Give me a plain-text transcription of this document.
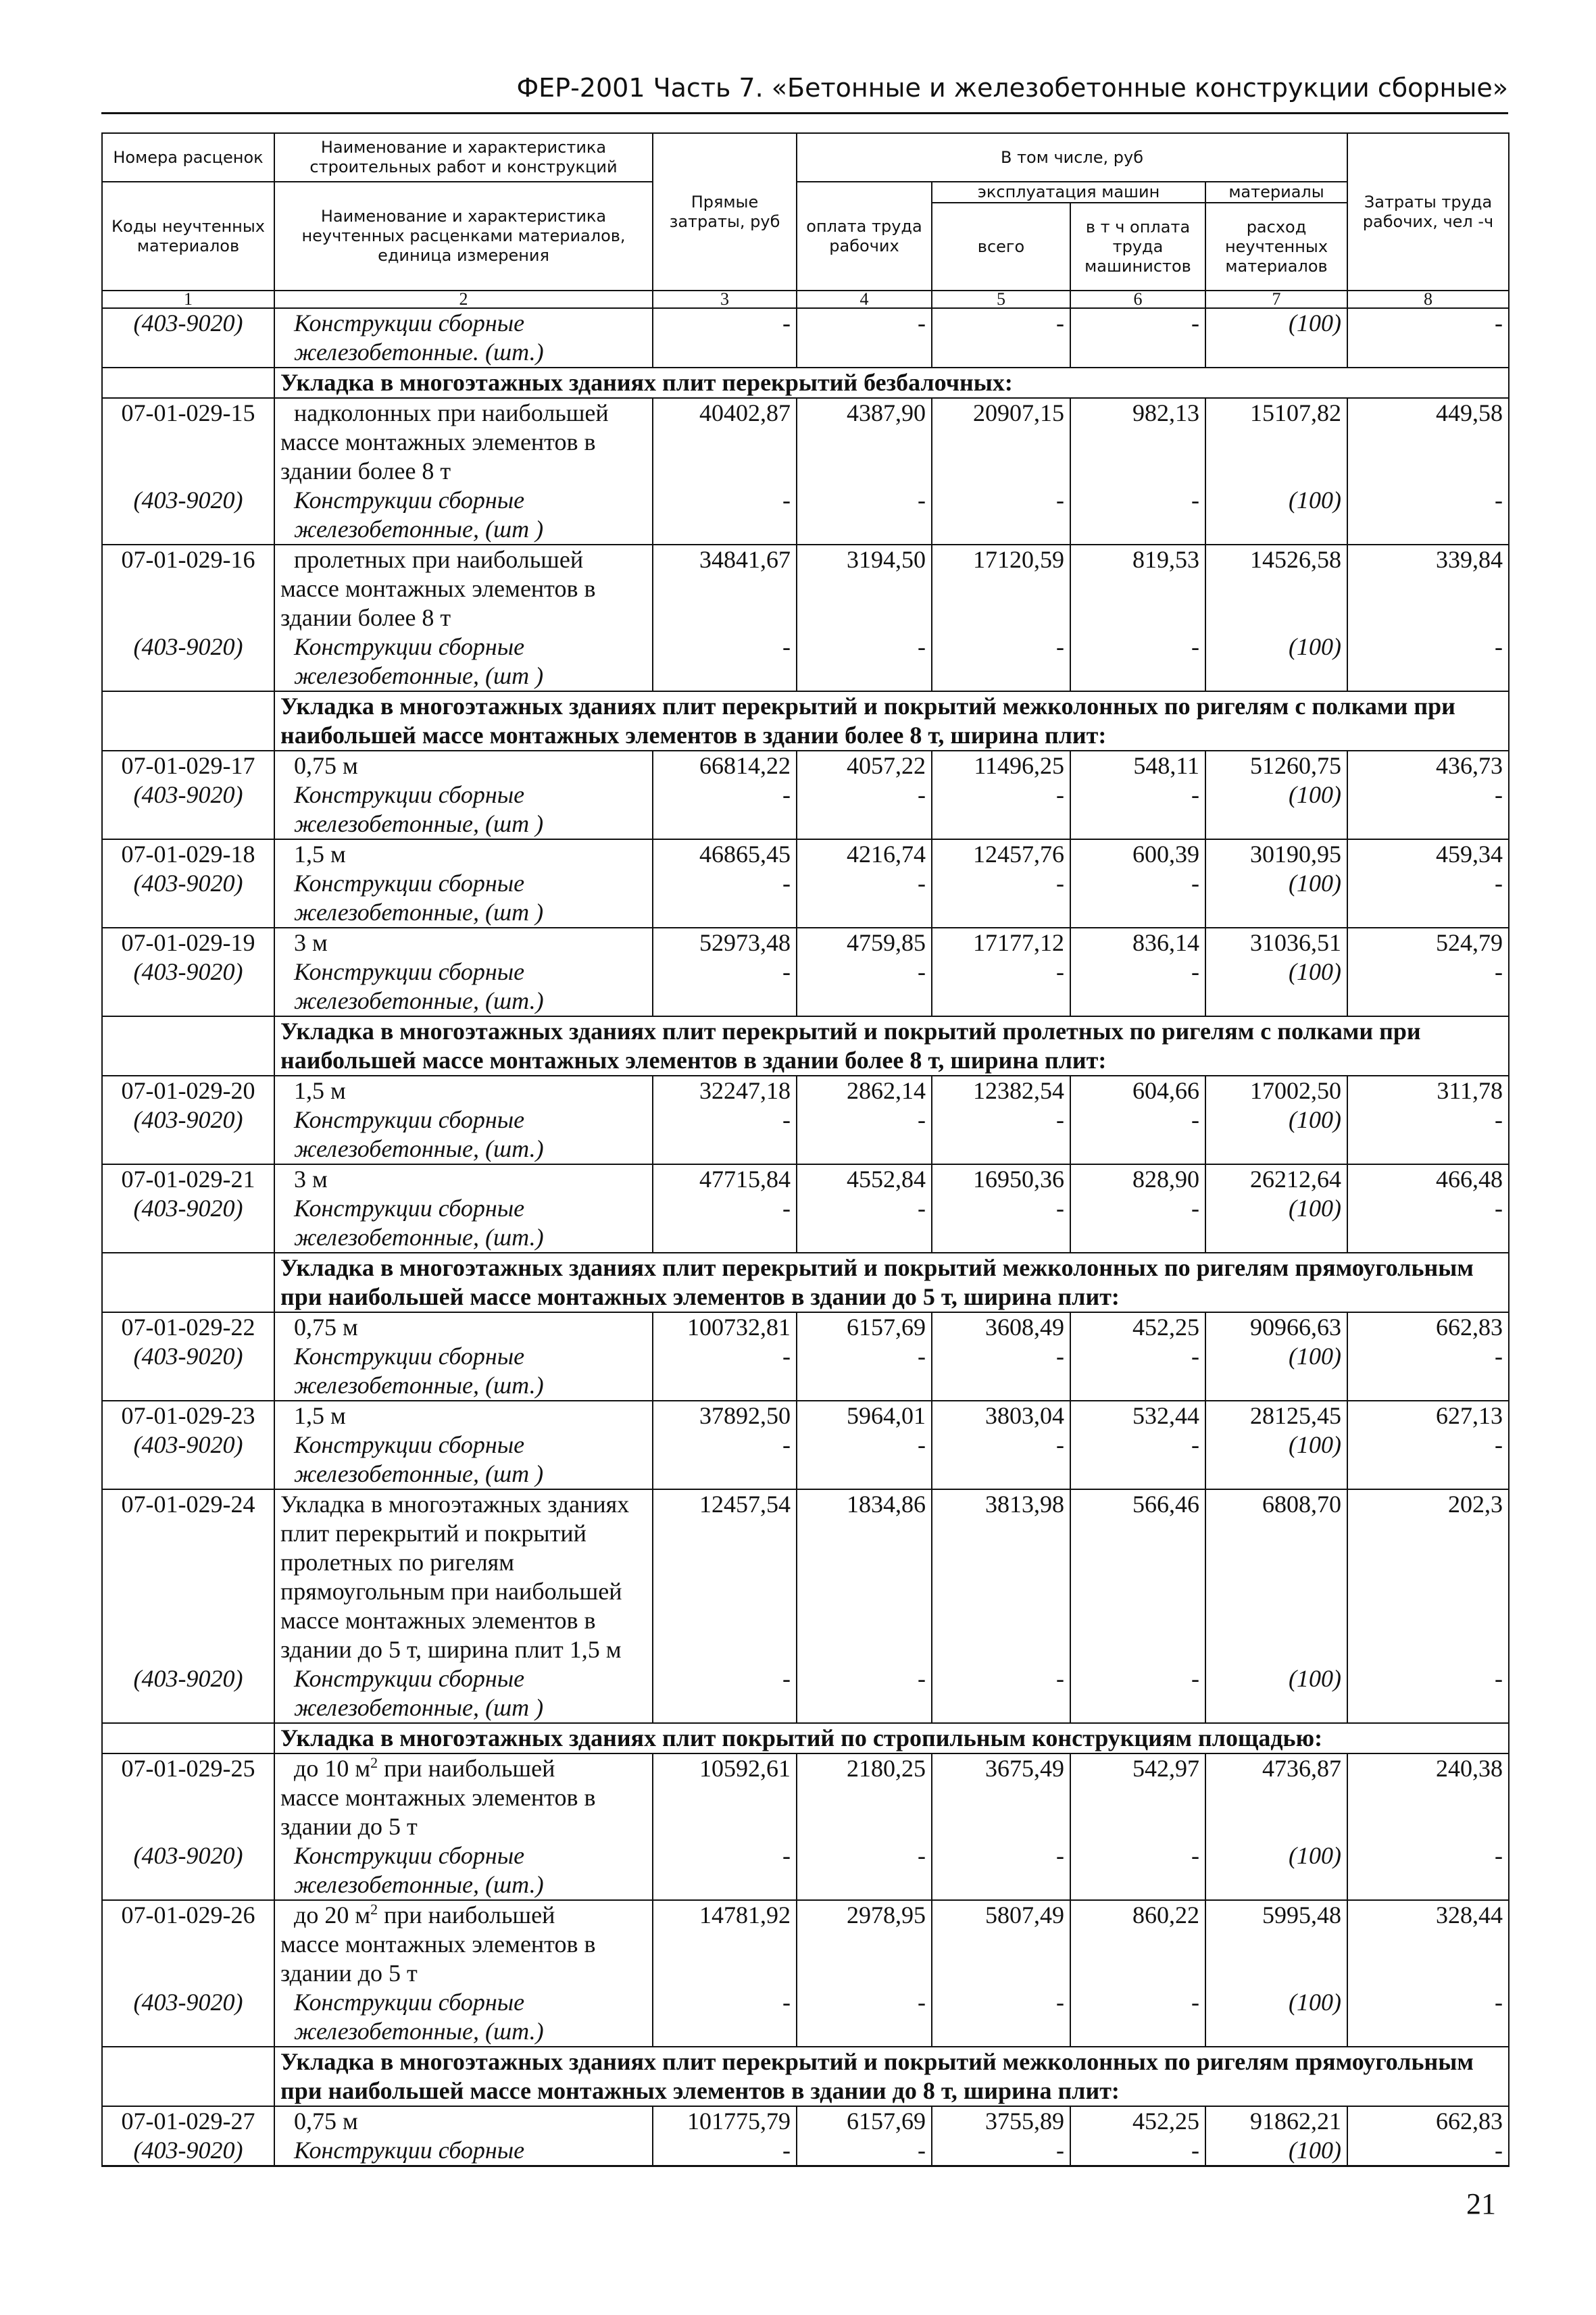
ФЕР-2001 Часть 7. «Бетонные и железобетонные конструкции сборные»
Номера расценок	Наименование и характеристика строительных работ и конструкций	Прямые затраты, руб	В том числе, руб				Затраты труда рабочих, чел -ч
Коды неучтенных материалов	Наименование и характеристика неучтенных расценками материалов, единица измерения		оплата труда рабочих	эксплуатация машин		материалы	
				всего	в т ч оплата труда машинистов	расход неучтенных материалов	
1	2	3	4	5	6	7	8
(403-9020)	Конструкции сборные	-	-	-	-	(100)	-
	железобетонные. (шт.)						
	Укладка в многоэтажных зданиях плит перекрытий безбалочных:						
07-01-029-15	надколонных при наибольшей	40402,87	4387,90	20907,15	982,13	15107,82	449,58
	массе монтажных элементов в						
	здании более 8 т						
(403-9020)	Конструкции сборные	-	-	-	-	(100)	-
	железобетонные, (шт )						
07-01-029-16	пролетных при наибольшей	34841,67	3194,50	17120,59	819,53	14526,58	339,84
	массе монтажных элементов в						
	здании более 8 т						
(403-9020)	Конструкции сборные	-	-	-	-	(100)	-
	железобетонные, (шт )						
	Укладка в многоэтажных зданиях плит перекрытий и покрытий межколонных по ригелям с полками при наибольшей массе монтажных элементов в здании более 8 т, ширина плит:						
07-01-029-17	0,75 м	66814,22	4057,22	11496,25	548,11	51260,75	436,73
(403-9020)	Конструкции сборные	-	-	-	-	(100)	-
	железобетонные, (шт )						
07-01-029-18	1,5 м	46865,45	4216,74	12457,76	600,39	30190,95	459,34
(403-9020)	Конструкции сборные	-	-	-	-	(100)	-
	железобетонные, (шт )						
07-01-029-19	3 м	52973,48	4759,85	17177,12	836,14	31036,51	524,79
(403-9020)	Конструкции сборные	-	-	-	-	(100)	-
	железобетонные, (шт.)						
	Укладка в многоэтажных зданиях плит перекрытий и покрытий пролетных по ригелям с полками при наибольшей массе монтажных элементов в здании более 8 т, ширина плит:						
07-01-029-20	1,5 м	32247,18	2862,14	12382,54	604,66	17002,50	311,78
(403-9020)	Конструкции сборные	-	-	-	-	(100)	-
	железобетонные, (шт.)						
07-01-029-21	3 м	47715,84	4552,84	16950,36	828,90	26212,64	466,48
(403-9020)	Конструкции сборные	-	-	-	-	(100)	-
	железобетонные, (шт.)						
	Укладка в многоэтажных зданиях плит перекрытий и покрытий межколонных по ригелям прямоугольным при наибольшей массе монтажных элементов в здании до 5 т, ширина плит:						
07-01-029-22	0,75 м	100732,81	6157,69	3608,49	452,25	90966,63	662,83
(403-9020)	Конструкции сборные	-	-	-	-	(100)	-
	железобетонные, (шт.)						
07-01-029-23	1,5 м	37892,50	5964,01	3803,04	532,44	28125,45	627,13
(403-9020)	Конструкции сборные	-	-	-	-	(100)	-
	железобетонные, (шт )						
07-01-029-24	Укладка в многоэтажных зданиях	12457,54	1834,86	3813,98	566,46	6808,70	202,3
	плит перекрытий и покрытий						
	пролетных по ригелям						
	прямоугольным при наибольшей						
	массе монтажных элементов в						
	здании до 5 т, ширина плит 1,5 м						
(403-9020)	Конструкции сборные	-	-	-	-	(100)	-
	железобетонные, (шт )						
	Укладка в многоэтажных зданиях плит покрытий по стропильным конструкциям площадью:						
07-01-029-25	до 10 $м^2$ при наибольшей	10592,61	2180,25	3675,49	542,97	4736,87	240,38
	массе монтажных элементов в						
	здании до 5 т						
(403-9020)	Конструкции сборные	-	-	-	-	(100)	-
	железобетонные, (шт.)						
07-01-029-26	до 20 $м^2$ при наибольшей	14781,92	2978,95	5807,49	860,22	5995,48	328,44
	массе монтажных элементов в						
	здании до 5 т						
(403-9020)	Конструкции сборные	-	-	-	-	(100)	-
	железобетонные, (шт.)						
	Укладка в многоэтажных зданиях плит перекрытий и покрытий межколонных по ригелям прямоугольным при наибольшей массе монтажных элементов в здании до 8 т, ширина плит:						
07-01-029-27	0,75 м	101775,79	6157,69	3755,89	452,25	91862,21	662,83
(403-9020)	Конструкции сборные	-	-	-	-	(100)	-
21
